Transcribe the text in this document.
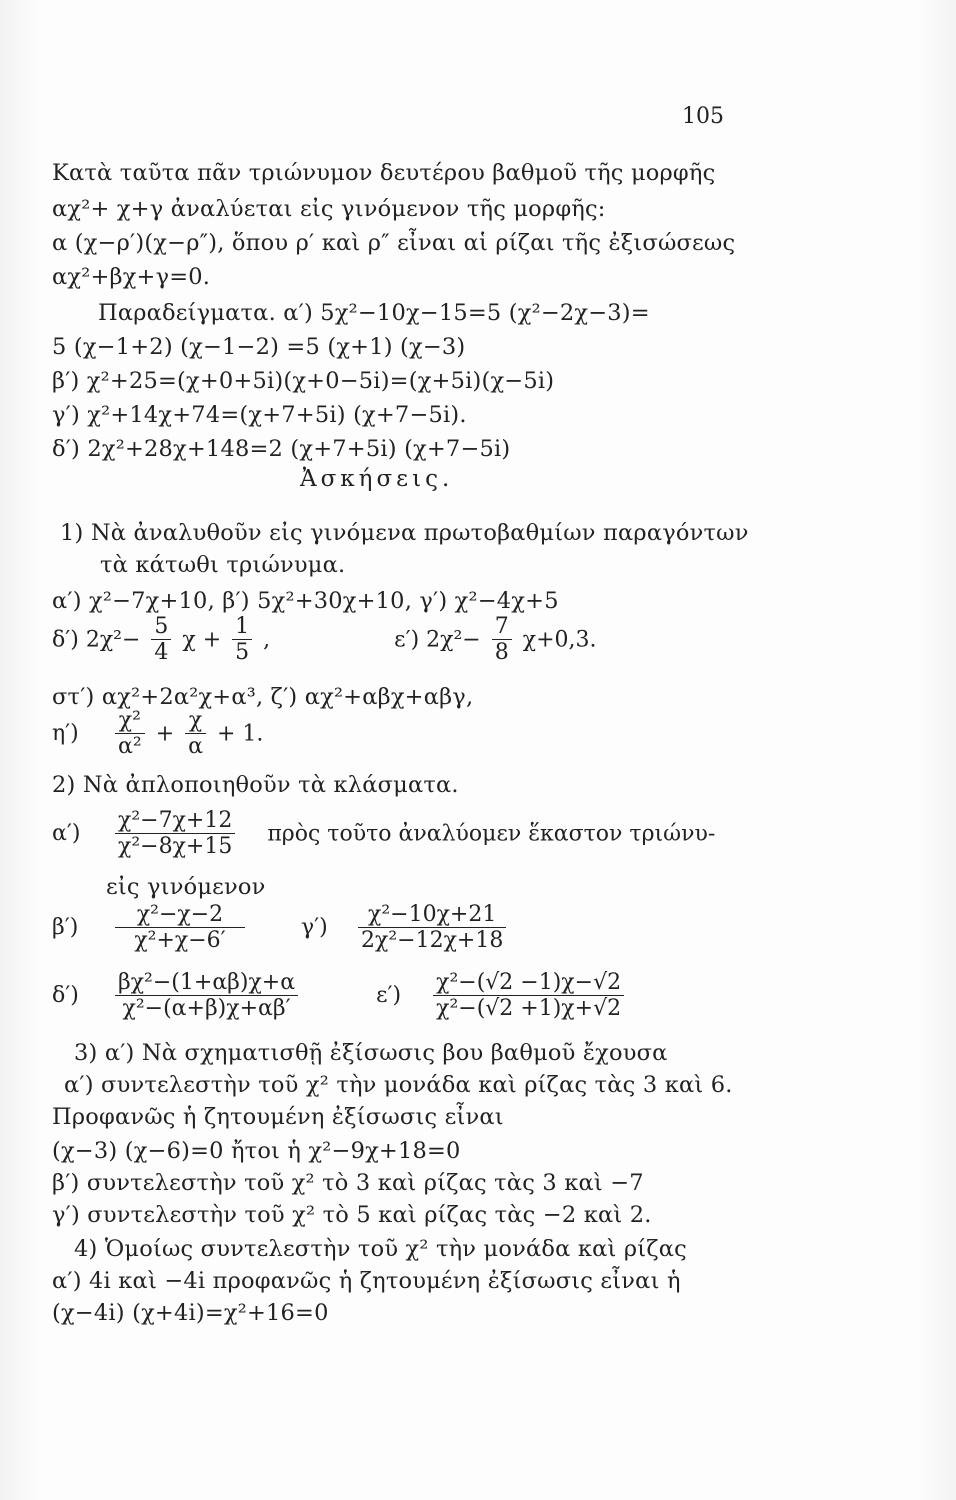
105
Κατὰ ταῦτα πᾶν τριώνυμον δευτέρου βαθμοῦ τῆς μορφῆς
αχ²+ χ+γ ἀναλύεται εἰς γινόμενον τῆς μορφῆς:
α (χ−ρ′)(χ−ρ″), ὅπου ρ′ καὶ ρ″ εἶναι αἱ ρίζαι τῆς ἐξισώσεως
αχ²+βχ+γ=0.
Παραδείγματα. α′) 5χ²−10χ−15=5 (χ²−2χ−3)=
5 (χ−1+2) (χ−1−2) =5 (χ+1) (χ−3)
β′) χ²+25=(χ+0+5i)(χ+0−5i)=(χ+5i)(χ−5i)
γ′) χ²+14χ+74=(χ+7+5i) (χ+7−5i).
δ′) 2χ²+28χ+148=2 (χ+7+5i) (χ+7−5i)
Ἀσκήσεις.
1) Νὰ ἀναλυθοῦν εἰς γινόμενα πρωτοβαθμίων παραγόντων
τὰ κάτωθι τριώνυμα.
α′) χ²−7χ+10, β′) 5χ²+30χ+10, γ′) χ²−4χ+5
δ′) $2\chi^2- \frac{5}{4}$ $\chi + \frac{1}{5}$ ,	ε′) $2\chi^2- \frac{7}{8} \chi+0,3$.
στ′) αχ²+2α²χ+α³, ζ′) αχ²+αβχ+αβγ,
$\eta') \frac{\text{χ²}}{\text{α²}} + \frac{\chi}{\alpha} + 1$.
2) Νὰ ἀπλοποιηθοῦν τὰ κλάσματα.
$\alpha') \frac{\text{χ²−7χ+12}}{\text{χ²−8χ+15}}$ πρὸς τοῦτο ἀναλύομεν ἕκαστον τριώνυ-
εἰς γινόμενον
$\beta') \frac{\text{χ²−χ−2}}{\text{χ²+χ−6′}}$	$\gamma') \frac{\text{χ²−10χ+21}}{\text{2χ²−12χ+18}}$
$\delta') \frac{\text{βχ²−(1+αβ)χ+α}}{\text{χ²−(α+β)χ+αβ′}}$	$\varepsilon') \frac{\text{χ²−(√2 −1)χ−√2}}{\text{χ²−(√2 +1)χ+√2}}$
3) α′) Νὰ σχηματισθῇ ἐξίσωσις βου βαθμοῦ ἔχουσα
α′) συντελεστὴν τοῦ χ² τὴν μονάδα καὶ ρίζας τὰς 3 καὶ 6.
Προφανῶς ἡ ζητουμένη ἐξίσωσις εἶναι
(χ−3) (χ−6)=0 ἤτοι ἡ χ²−9χ+18=0
β′) συντελεστὴν τοῦ χ² τὸ 3 καὶ ρίζας τὰς 3 καὶ −7
γ′) συντελεστὴν τοῦ χ² τὸ 5 καὶ ρίζας τὰς −2 καὶ 2.
4) Ὁμοίως συντελεστὴν τοῦ χ² τὴν μονάδα καὶ ρίζας
α′) 4i καὶ −4i προφανῶς ἡ ζητουμένη ἐξίσωσις εἶναι ἡ
(χ−4i) (χ+4i)=χ²+16=0
